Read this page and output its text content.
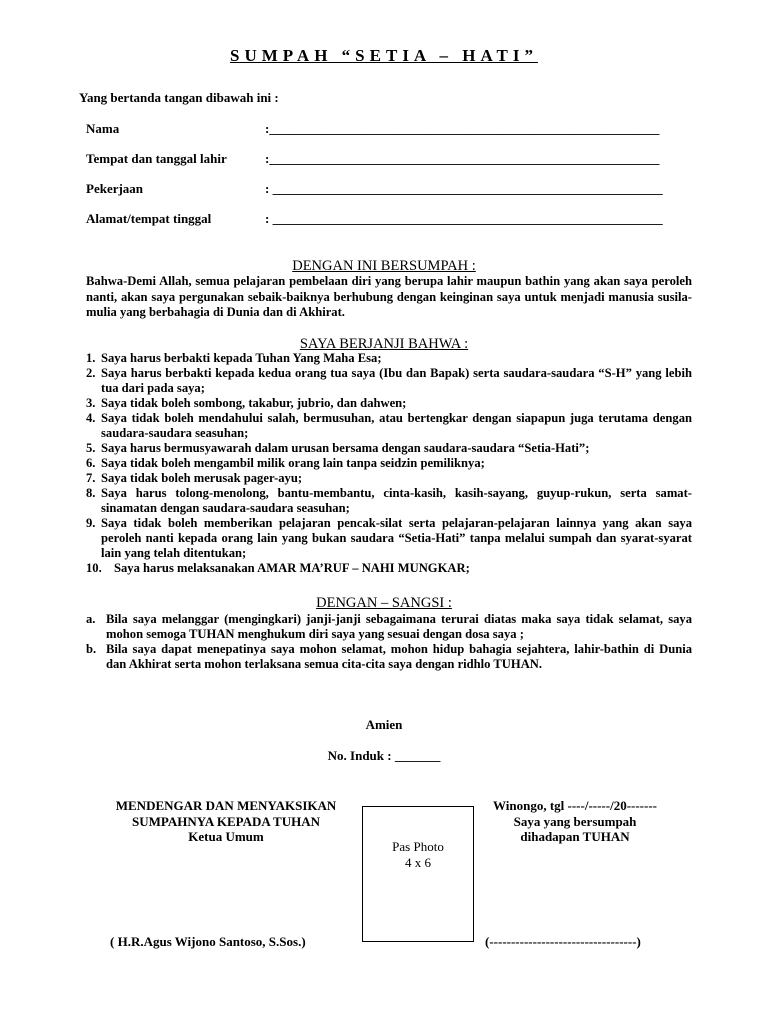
SUMPAH “SETIA – HATI”
Yang bertanda tangan dibawah ini :
Nama	:____________________________________________________________
Tempat dan tanggal lahir	:____________________________________________________________
Pekerjaan	: ____________________________________________________________
Alamat/tempat tinggal	: ____________________________________________________________
DENGAN INI BERSUMPAH :
Bahwa-Demi Allah, semua pelajaran pembelaan diri yang berupa lahir maupun bathin yang akan saya peroleh nanti, akan saya pergunakan sebaik-baiknya berhubung dengan keinginan saya untuk menjadi manusia susila-mulia yang berbahagia di Dunia dan di Akhirat.
SAYA BERJANJI BAHWA :
1. Saya harus berbakti kepada Tuhan Yang Maha Esa;
2. Saya harus berbakti kepada kedua orang tua saya (Ibu dan Bapak) serta saudara-saudara “S-H” yang lebih tua dari pada saya;
3. Saya tidak boleh sombong, takabur, jubrio, dan dahwen;
4. Saya tidak boleh mendahului salah, bermusuhan, atau bertengkar dengan siapapun juga terutama dengan saudara-saudara seasuhan;
5. Saya harus bermusyawarah dalam urusan bersama dengan saudara-saudara “Setia-Hati”;
6. Saya tidak boleh mengambil milik orang lain tanpa seidzin pemiliknya;
7. Saya tidak boleh merusak pager-ayu;
8. Saya harus tolong-menolong, bantu-membantu, cinta-kasih, kasih-sayang, guyup-rukun, serta samat-sinamatan dengan saudara-saudara seasuhan;
9. Saya tidak boleh memberikan pelajaran pencak-silat serta pelajaran-pelajaran lainnya yang akan saya peroleh nanti kepada orang lain yang bukan saudara “Setia-Hati” tanpa melalui sumpah dan syarat-syarat lain yang telah ditentukan;
10. Saya harus melaksanakan AMAR MA’RUF – NAHI MUNGKAR;
DENGAN – SANGSI :
a. Bila saya melanggar (mengingkari) janji-janji sebagaimana terurai diatas maka saya tidak selamat, saya mohon semoga TUHAN menghukum diri saya yang sesuai dengan dosa saya ;
b. Bila saya dapat menepatinya saya mohon selamat, mohon hidup bahagia sejahtera, lahir-bathin di Dunia dan Akhirat serta mohon terlaksana semua cita-cita saya dengan ridhlo TUHAN.
Amien
No. Induk : _______
MENDENGAR DAN MENYAKSIKAN
SUMPAHNYA KEPADA TUHAN
Ketua Umum
Pas Photo
4 x 6
Winongo, tgl ----/-----/20-------
Saya yang bersumpah
dihadapan TUHAN
( H.R.Agus Wijono Santoso, S.Sos.)	(----------------------------------)
